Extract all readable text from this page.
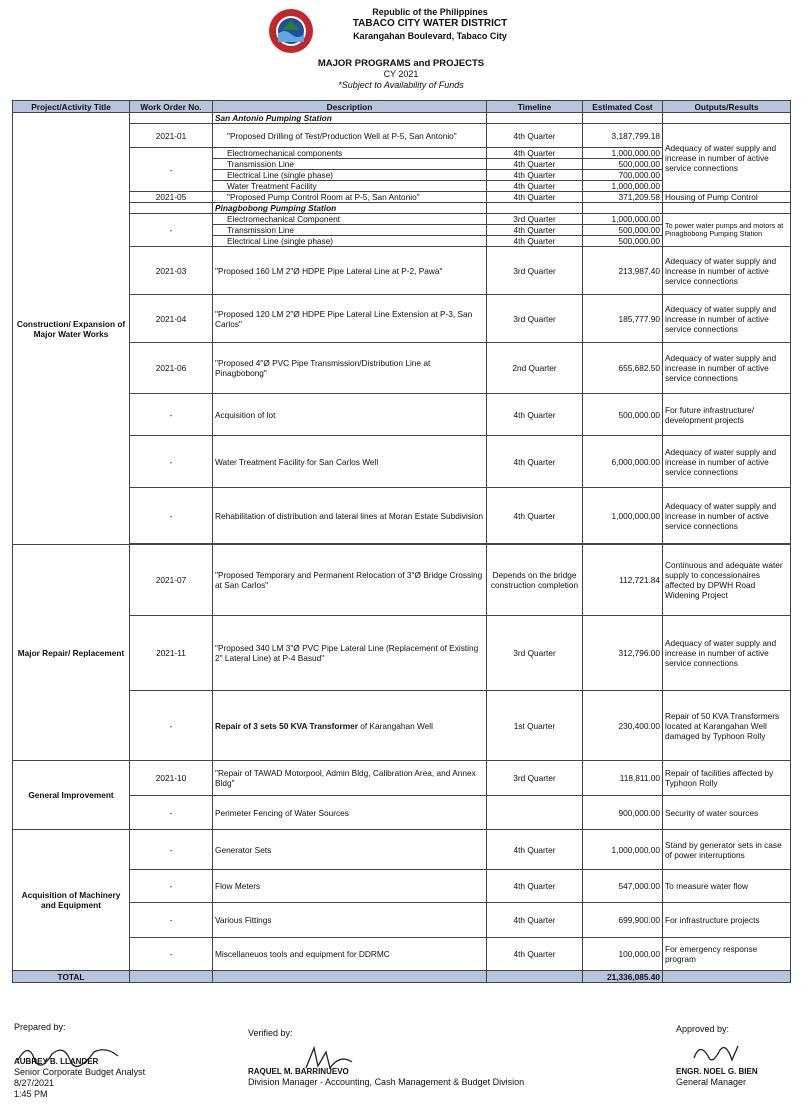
Republic of the Philippines
TABACO CITY WATER DISTRICT
Karangahan Boulevard, Tabaco City
MAJOR PROGRAMS and PROJECTS
CY 2021
*Subject to Availability of Funds
Project/Activity Title	Work Order No.	Description	Timeline	Estimated Cost	Outputs/Results
Construction/ Expansion of Major Water Works		San Antonio Pumping Station			
	2021-01	"Proposed Drilling of Test/Production Well at P-5, San Antonio"	4th Quarter	3,187,799.18	Adequacy of water supply and increase in number of active service connections
	-	Electromechanical components	4th Quarter	1,000,000.00	
		Transmission Line	4th Quarter	500,000.00	
		Electrical Line (single phase)	4th Quarter	700,000.00	
		Water Treatment Facility	4th Quarter	1,000,000.00	
	2021-05	"Proposed Pump Control Room at P-5, San Antonio"	4th Quarter	371,209.58	Housing of Pump Control
		Pinagbobong Pumping Station			
	-	Electromechanical Component	3rd Quarter	1,000,000.00	To power water pumps and motors at Pinagbobong Pumping Station
		Transmission Line	4th Quarter	500,000.00	
		Electrical Line (single phase)	4th Quarter	500,000.00	
	2021-03	"Proposed 160 LM 2"Ø HDPE Pipe Lateral Line at P-2, Pawa"	3rd Quarter	213,987.40	Adequacy of water supply and increase in number of active service connections
	2021-04	"Proposed 120 LM 2"Ø HDPE Pipe Lateral Line Extension at P-3, San Carlos"	3rd Quarter	185,777.90	Adequacy of water supply and increase in number of active service connections
	2021-06	"Proposed 4"Ø PVC Pipe Transmission/Distribution Line at Pinagbobong"	2nd Quarter	655,682.50	Adequacy of water supply and increase in number of active service connections
	-	Acquisition of lot	4th Quarter	500,000.00	For future infrastructure/ development projects
	-	Water Treatment Facility for San Carlos Well	4th Quarter	6,000,000.00	Adequacy of water supply and increase in number of active service connections
	-	Rehabilitation of distribution and lateral lines at Moran Estate Subdivision	4th Quarter	1,000,000.00	Adequacy of water supply and increase in number of active service connections

Major Repair/ Replacement	2021-07	"Proposed Temporary and Permanent Relocation of 3"Ø Bridge Crossing at San Carlos"	Depends on the bridge construction completion	112,721.84	Continuous and adequate water supply to concessionaires affected by DPWH Road Widening Project
	2021-11	"Proposed 340 LM 3"Ø PVC Pipe Lateral Line (Replacement of Existing 2" Lateral Line) at P-4 Basud"	3rd Quarter	312,796.00	Adequacy of water supply and increase in number of active service connections
	-	Repair of 3 sets 50 KVA Transformer of Karangahan Well	1st Quarter	230,400.00	Repair of 50 KVA Transformers located at Karangahan Well damaged by Typhoon Rolly
General Improvement	2021-10	"Repair of TAWAD Motorpool, Admin Bldg, Calibration Area, and Annex Bldg"	3rd Quarter	118,811.00	Repair of facilities affected by Typhoon Rolly
	-	Perimeter Fencing of Water Sources		900,000.00	Security of water sources
Acquisition of Machinery and Equipment	-	Generator Sets	4th Quarter	1,000,000.00	Stand by generator sets in case of power interruptions
	-	Flow Meters	4th Quarter	547,000.00	To measure water flow
	-	Various Fittings	4th Quarter	699,900.00	For infrastructure projects
	-	Miscellaneuos tools and equipment for DDRMC	4th Quarter	100,000.00	For emergency response program
TOTAL				21,336,085.40	
Prepared by:
AUBREY B. LLANDER
Senior Corporate Budget Analyst
8/27/2021
1:45 PM
Verified by:
RAQUEL M. BARRINUEVO
Division Manager - Accounting, Cash Management & Budget Division
Approved by:
ENGR. NOEL G. BIEN
General Manager
